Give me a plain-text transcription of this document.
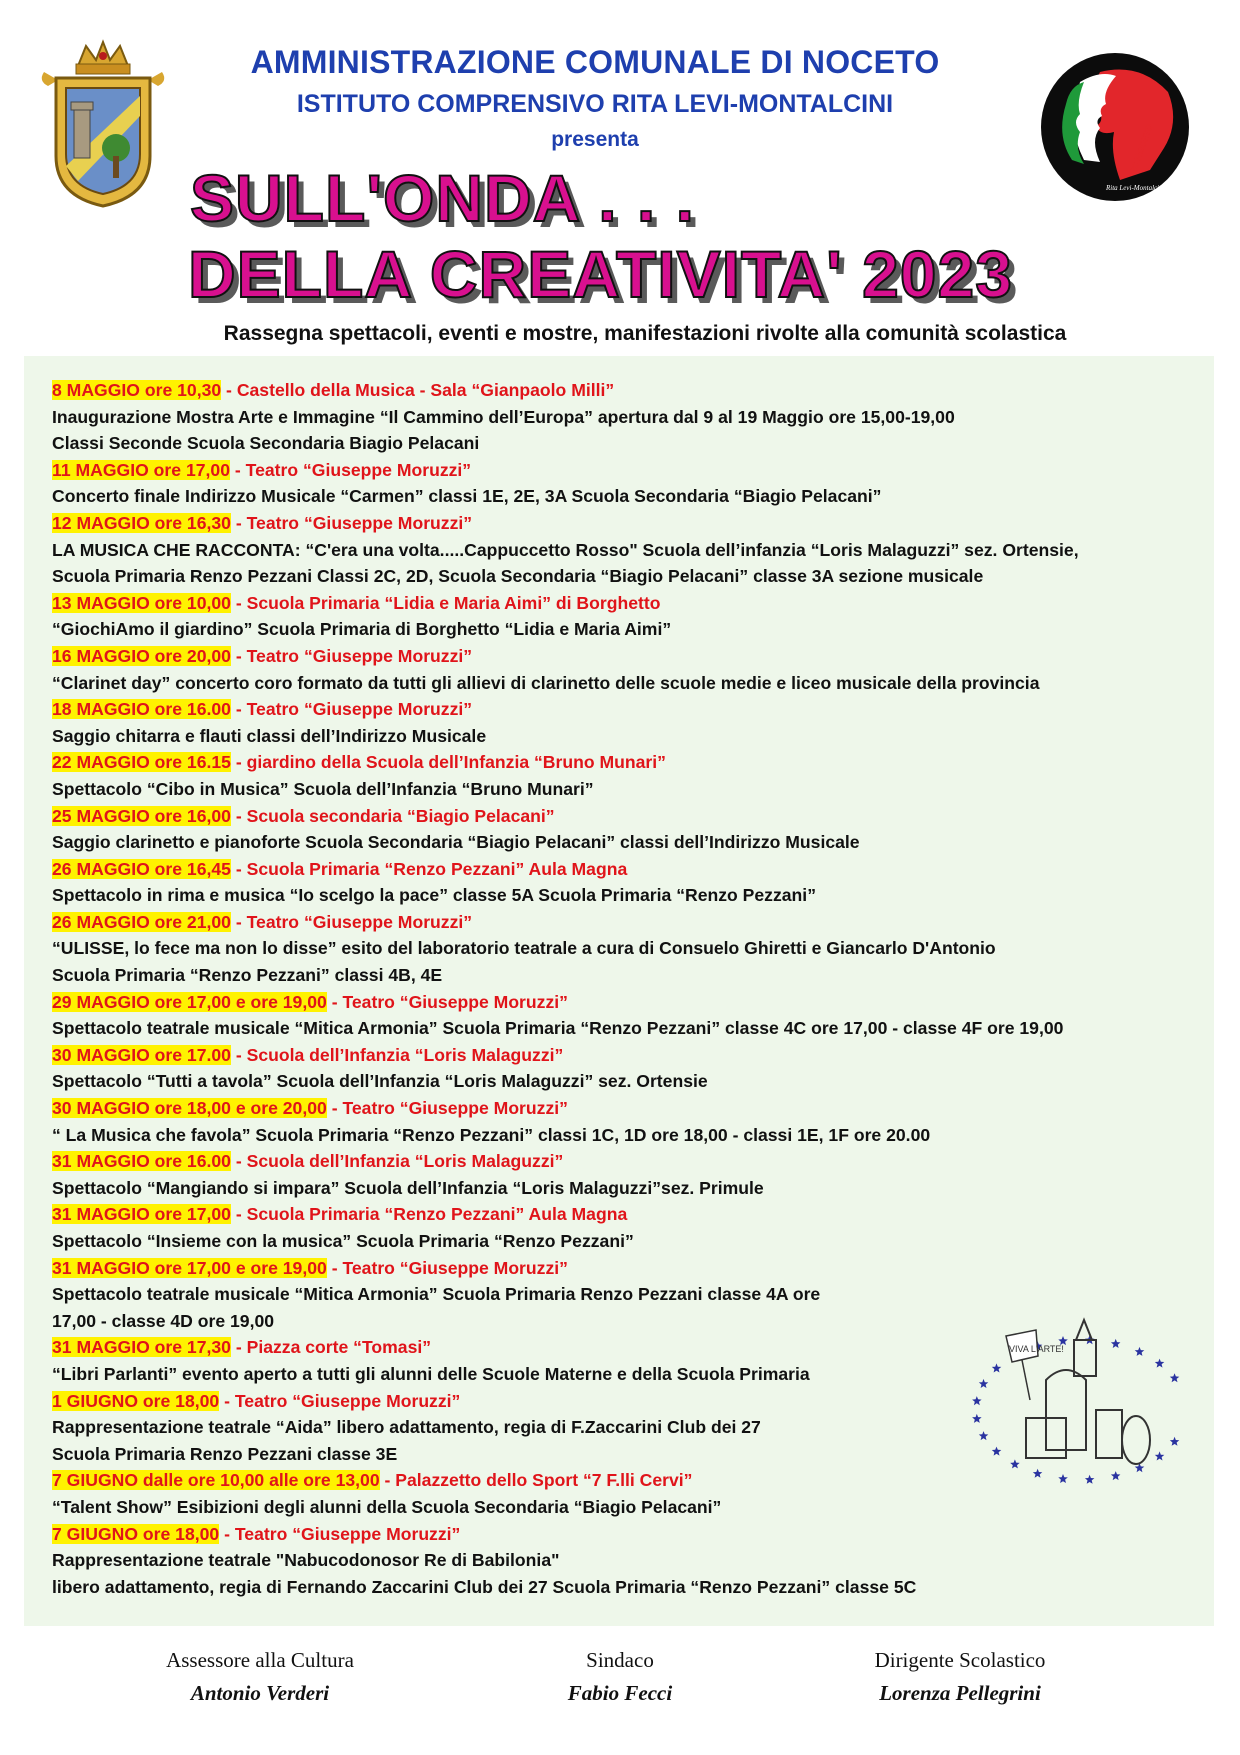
IC NOCETO
Rita Levi-Montalcini
AMMINISTRAZIONE COMUNALE DI NOCETO
ISTITUTO COMPRENSIVO RITA LEVI-MONTALCINI
presenta
SULL'ONDA . . .
DELLA CREATIVITA' 2023
Rassegna spettacoli, eventi e mostre, manifestazioni rivolte alla comunità scolastica
8 MAGGIO ore 10,30 - Castello della Musica - Sala “Gianpaolo Milli”
Inaugurazione Mostra Arte e Immagine “Il Cammino dell’Europa” apertura dal 9 al 19 Maggio ore 15,00-19,00
Classi Seconde Scuola Secondaria Biagio Pelacani
11 MAGGIO ore 17,00 - Teatro “Giuseppe Moruzzi”
Concerto finale Indirizzo Musicale “Carmen” classi 1E, 2E, 3A Scuola Secondaria “Biagio Pelacani”
12 MAGGIO ore 16,30 - Teatro “Giuseppe Moruzzi”
LA MUSICA CHE RACCONTA: “C'era una volta.....Cappuccetto Rosso" Scuola dell’infanzia “Loris Malaguzzi” sez. Ortensie,
Scuola Primaria Renzo Pezzani Classi 2C, 2D, Scuola Secondaria “Biagio Pelacani” classe 3A sezione musicale
13 MAGGIO ore 10,00 - Scuola Primaria “Lidia e Maria Aimi” di Borghetto
“GiochiAmo il giardino” Scuola Primaria di Borghetto “Lidia e Maria Aimi”
16 MAGGIO ore 20,00 - Teatro “Giuseppe Moruzzi”
“Clarinet day” concerto coro formato da tutti gli allievi di clarinetto delle scuole medie e liceo musicale della provincia
18 MAGGIO ore 16.00 - Teatro “Giuseppe Moruzzi”
Saggio chitarra e flauti classi dell’Indirizzo Musicale
22 MAGGIO ore 16.15 - giardino della Scuola dell’Infanzia “Bruno Munari”
Spettacolo “Cibo in Musica” Scuola dell’Infanzia “Bruno Munari”
25 MAGGIO ore 16,00 - Scuola secondaria “Biagio Pelacani”
Saggio clarinetto e pianoforte Scuola Secondaria “Biagio Pelacani” classi dell’Indirizzo Musicale
26 MAGGIO ore 16,45 - Scuola Primaria “Renzo Pezzani” Aula Magna
Spettacolo in rima e musica “Io scelgo la pace” classe 5A Scuola Primaria “Renzo Pezzani”
26 MAGGIO ore 21,00 - Teatro “Giuseppe Moruzzi”
“ULISSE, lo fece ma non lo disse” esito del laboratorio teatrale a cura di Consuelo Ghiretti e Giancarlo D'Antonio
Scuola Primaria “Renzo Pezzani” classi 4B, 4E
29 MAGGIO ore 17,00 e ore 19,00 - Teatro “Giuseppe Moruzzi”
Spettacolo teatrale musicale “Mitica Armonia” Scuola Primaria “Renzo Pezzani” classe 4C ore 17,00 - classe 4F ore 19,00
30 MAGGIO ore 17.00 - Scuola dell’Infanzia “Loris Malaguzzi”
Spettacolo “Tutti a tavola” Scuola dell’Infanzia “Loris Malaguzzi” sez. Ortensie
30 MAGGIO ore 18,00 e ore 20,00 - Teatro “Giuseppe Moruzzi”
“ La Musica che favola” Scuola Primaria “Renzo Pezzani” classi 1C, 1D ore 18,00 - classi 1E, 1F ore 20.00
31 MAGGIO ore 16.00 - Scuola dell’Infanzia “Loris Malaguzzi”
Spettacolo “Mangiando si impara” Scuola dell’Infanzia “Loris Malaguzzi”sez. Primule
31 MAGGIO ore 17,00 - Scuola Primaria “Renzo Pezzani” Aula Magna
Spettacolo “Insieme con la musica” Scuola Primaria “Renzo Pezzani”
31 MAGGIO ore 17,00 e ore 19,00 - Teatro “Giuseppe Moruzzi”
Spettacolo teatrale musicale “Mitica Armonia” Scuola Primaria Renzo Pezzani classe 4A ore
17,00 - classe 4D ore 19,00
31 MAGGIO ore 17,30 - Piazza corte “Tomasi”
“Libri Parlanti” evento aperto a tutti gli alunni delle Scuole Materne e della Scuola Primaria
1 GIUGNO ore 18,00 - Teatro “Giuseppe Moruzzi”
Rappresentazione teatrale “Aida” libero adattamento, regia di F.Zaccarini Club dei 27
Scuola Primaria Renzo Pezzani classe 3E
7 GIUGNO dalle ore 10,00 alle ore 13,00 - Palazzetto dello Sport “7 F.lli Cervi”
“Talent Show” Esibizioni degli alunni della Scuola Secondaria “Biagio Pelacani”
7 GIUGNO ore 18,00 - Teatro “Giuseppe Moruzzi”
Rappresentazione teatrale "Nabucodonosor Re di Babilonia"
libero adattamento, regia di Fernando Zaccarini Club dei 27 Scuola Primaria “Renzo Pezzani” classe 5C
VIVA L'ARTE!
Assessore alla Cultura
Antonio Verderi
Sindaco
Fabio Fecci
Dirigente Scolastico
Lorenza Pellegrini
